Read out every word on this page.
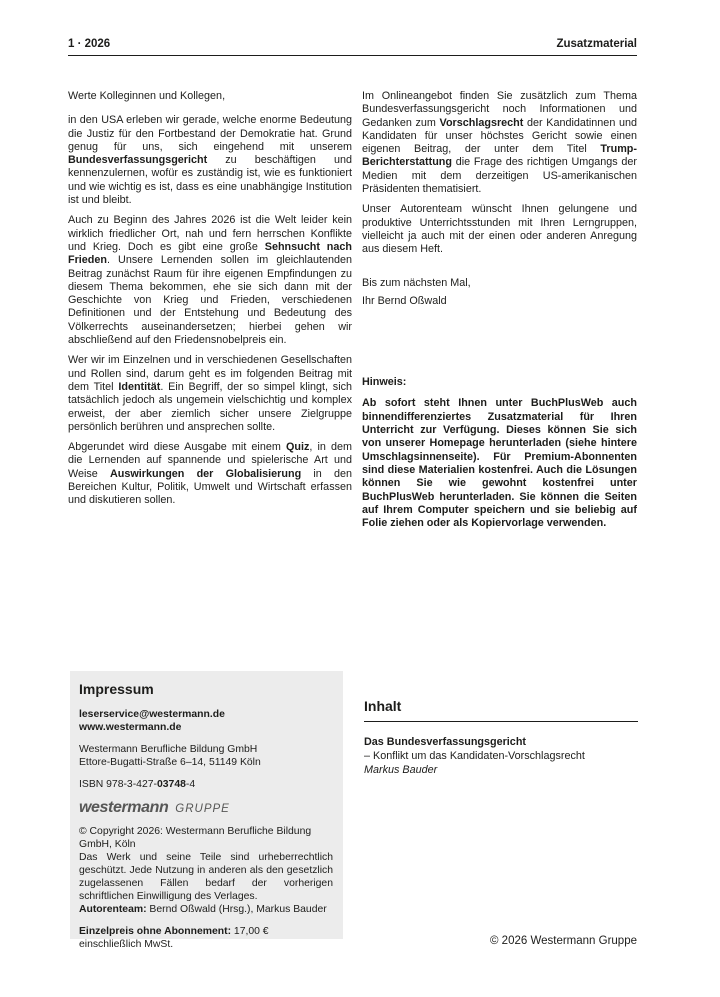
1 · 2026	Zusatzmaterial

Werte Kolleginnen und Kollegen,

in den USA erleben wir gerade, welche enorme Bedeutung die Justiz für den Fortbestand der Demokratie hat. Grund genug für uns, sich eingehend mit unserem Bundesverfassungsgericht zu beschäftigen und kennenzulernen, wofür es zuständig ist, wie es funktioniert und wie wichtig es ist, dass es eine unabhängige Institution ist und bleibt.

Auch zu Beginn des Jahres 2026 ist die Welt leider kein wirklich friedlicher Ort, nah und fern herrschen Konflikte und Krieg. Doch es gibt eine große Sehnsucht nach Frieden. Unsere Lernenden sollen im gleichlautenden Beitrag zunächst Raum für ihre eigenen Empfindungen zu diesem Thema bekommen, ehe sie sich dann mit der Geschichte von Krieg und Frieden, verschiedenen Definitionen und der Entstehung und Bedeutung des Völkerrechts auseinandersetzen; hierbei gehen wir abschließend auf den Friedensnobelpreis ein.

Wer wir im Einzelnen und in verschiedenen Gesellschaften und Rollen sind, darum geht es im folgenden Beitrag mit dem Titel Identität. Ein Begriff, der so simpel klingt, sich tatsächlich jedoch als ungemein vielschichtig und komplex erweist, der aber ziemlich sicher unsere Zielgruppe persönlich berühren und ansprechen sollte.

Abgerundet wird diese Ausgabe mit einem Quiz, in dem die Lernenden auf spannende und spielerische Art und Weise Auswirkungen der Globalisierung in den Bereichen Kultur, Politik, Umwelt und Wirtschaft erfassen und diskutieren sollen.

Im Onlineangebot finden Sie zusätzlich zum Thema Bundesverfassungsgericht noch Informationen und Gedanken zum Vorschlagsrecht der Kandidatinnen und Kandidaten für unser höchstes Gericht sowie einen eigenen Beitrag, der unter dem Titel Trump-Berichterstattung die Frage des richtigen Umgangs der Medien mit dem derzeitigen US-amerikanischen Präsidenten thematisiert.

Unser Autorenteam wünscht Ihnen gelungene und produktive Unterrichtsstunden mit Ihren Lerngruppen, vielleicht ja auch mit der einen oder anderen Anregung aus diesem Heft.

Bis zum nächsten Mal,

Ihr Bernd Oßwald

Hinweis:

Ab sofort steht Ihnen unter BuchPlusWeb auch binnendifferenziertes Zusatzmaterial für Ihren Unterricht zur Verfügung. Dieses können Sie sich von unserer Homepage herunterladen (siehe hintere Umschlagsinnenseite). Für Premium-Abonnenten sind diese Materialien kostenfrei. Auch die Lösungen können Sie wie gewohnt kostenfrei unter BuchPlusWeb herunterladen. Sie können die Seiten auf Ihrem Computer speichern und sie beliebig auf Folie ziehen oder als Kopiervorlage verwenden.

Impressum

leserservice@westermann.de

www.westermann.de

Westermann Berufliche Bildung GmbH

Ettore-Bugatti-Straße 6–14, 51149 Köln

ISBN 978-3-427-03748-4

westermann GRUPPE

© Copyright 2026: Westermann Berufliche Bildung GmbH, Köln

Das Werk und seine Teile sind urheberrechtlich geschützt. Jede Nutzung in anderen als den gesetzlich zugelassenen Fällen bedarf der vorherigen schriftlichen Einwilligung des Verlages.

Autorenteam: Bernd Oßwald (Hrsg.), Markus Bauder

Einzelpreis ohne Abonnement: 17,00 € einschließlich MwSt.

Inhalt

Das Bundesverfassungsgericht

– Konflikt um das Kandidaten-Vorschlagsrecht

Markus Bauder

© 2026 Westermann Gruppe
